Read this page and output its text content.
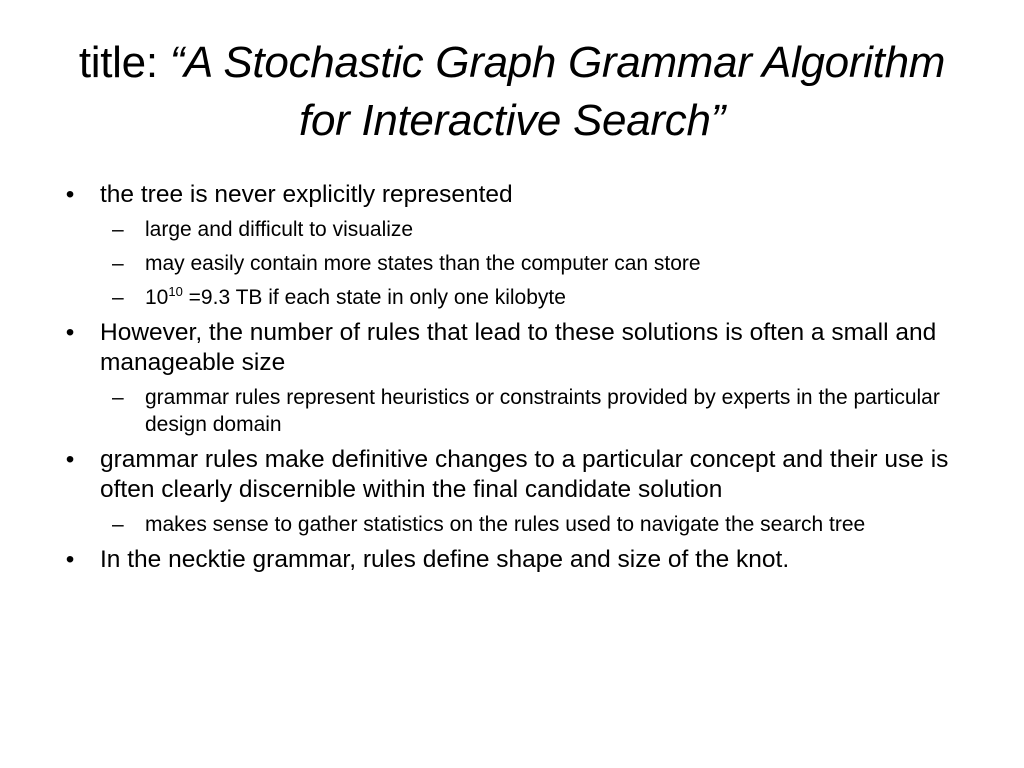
title: “A Stochastic Graph Grammar Algorithm for Interactive Search”
• the tree is never explicitly represented
– large and difficult to visualize
– may easily contain more states than the computer can store
– $10^{10} =9.3$ TB if each state in only one kilobyte
• However, the number of rules that lead to these solutions is often a small and manageable size
– grammar rules represent heuristics or constraints provided by experts in the particular design domain
• grammar rules make definitive changes to a particular concept and their use is often clearly discernible within the final candidate solution
– makes sense to gather statistics on the rules used to navigate the search tree
• In the necktie grammar, rules define shape and size of the knot.
